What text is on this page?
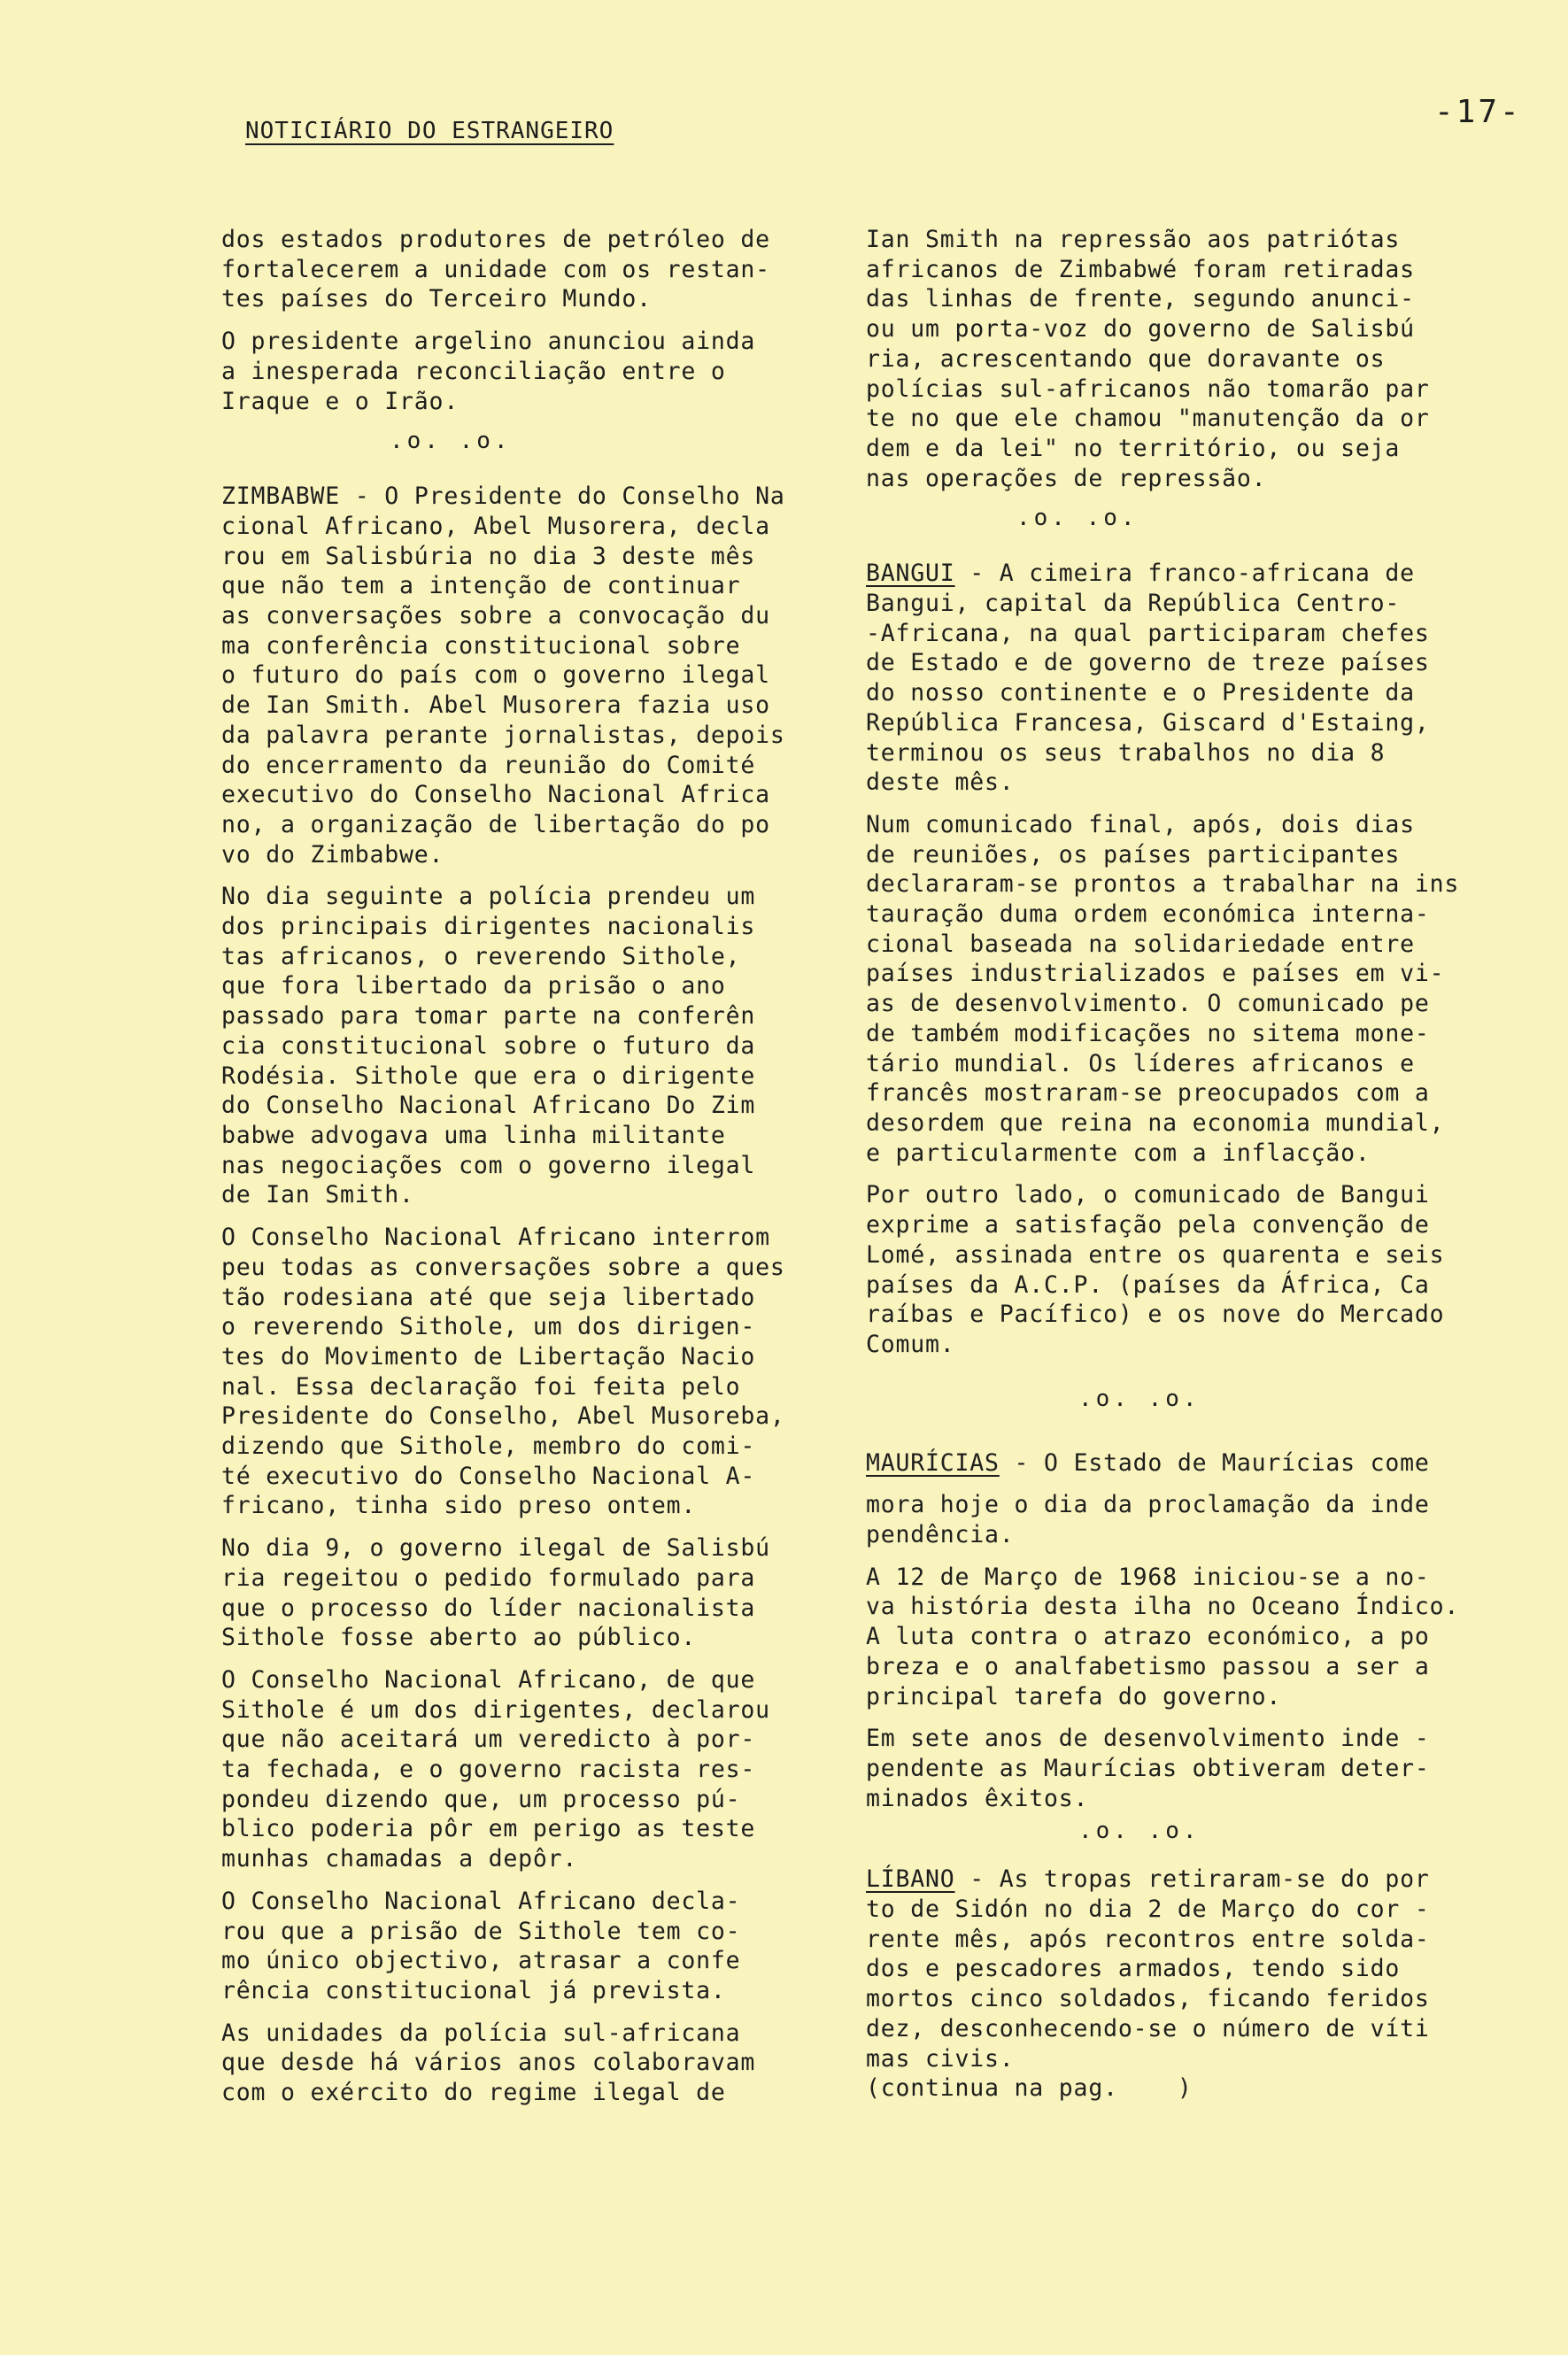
NOTICIÁRIO DO ESTRANGEIRO
-17-
dos estados produtores de petróleo de
fortalecerem a unidade com os restan-
tes países do Terceiro Mundo.
O presidente argelino anunciou ainda
a inesperada reconciliação entre o
Iraque e o Irão.
.o. .o.
ZIMBABWE - O Presidente do Conselho Na
cional Africano, Abel Musorera, decla
rou em Salisbúria no dia 3 deste mês
que não tem a intenção de continuar
as conversações sobre a convocação du
ma conferência constitucional sobre
o futuro do país com o governo ilegal
de Ian Smith. Abel Musorera fazia uso
da palavra perante jornalistas, depois
do encerramento da reunião do Comité
executivo do Conselho Nacional Africa
no, a organização de libertação do po
vo do Zimbabwe.
No dia seguinte a polícia prendeu um
dos principais dirigentes nacionalis
tas africanos, o reverendo Sithole,
que fora libertado da prisão o ano
passado para tomar parte na conferên
cia constitucional sobre o futuro da
Rodésia. Sithole que era o dirigente
do Conselho Nacional Africano Do Zim
babwe advogava uma linha militante
nas negociações com o governo ilegal
de Ian Smith.
O Conselho Nacional Africano interrom
peu todas as conversações sobre a ques
tão rodesiana até que seja libertado
o reverendo Sithole, um dos dirigen-
tes do Movimento de Libertação Nacio
nal. Essa declaração foi feita pelo
Presidente do Conselho, Abel Musoreba,
dizendo que Sithole, membro do comi-
té executivo do Conselho Nacional A-
fricano, tinha sido preso ontem.
No dia 9, o governo ilegal de Salisbú
ria regeitou o pedido formulado para
que o processo do líder nacionalista
Sithole fosse aberto ao público.
O Conselho Nacional Africano, de que
Sithole é um dos dirigentes, declarou
que não aceitará um veredicto à por-
ta fechada, e o governo racista res-
pondeu dizendo que, um processo pú-
blico poderia pôr em perigo as teste
munhas chamadas a depôr.
O Conselho Nacional Africano decla-
rou que a prisão de Sithole tem co-
mo único objectivo, atrasar a confe
rência constitucional já prevista.
As unidades da polícia sul-africana
que desde há vários anos colaboravam
com o exército do regime ilegal de
Ian Smith na repressão aos patriótas
africanos de Zimbabwé foram retiradas
das linhas de frente, segundo anunci-
ou um porta-voz do governo de Salisbú
ria, acrescentando que doravante os
polícias sul-africanos não tomarão par
te no que ele chamou "manutenção da or
dem e da lei" no território, ou seja
nas operações de repressão.
.o. .o.
BANGUI - A cimeira franco-africana de
Bangui, capital da República Centro-
-Africana, na qual participaram chefes
de Estado e de governo de treze países
do nosso continente e o Presidente da
República Francesa, Giscard d'Estaing,
terminou os seus trabalhos no dia 8
deste mês.
Num comunicado final, após, dois dias
de reuniões, os países participantes
declararam-se prontos a trabalhar na ins
tauração duma ordem económica interna-
cional baseada na solidariedade entre
países industrializados e países em vi-
as de desenvolvimento. O comunicado pe
de também modificações no sitema mone-
tário mundial. Os líderes africanos e
francês mostraram-se preocupados com a
desordem que reina na economia mundial,
e particularmente com a inflacção.
Por outro lado, o comunicado de Bangui
exprime a satisfação pela convenção de
Lomé, assinada entre os quarenta e seis
países da A.C.P. (países da África, Ca
raíbas e Pacífico) e os nove do Mercado
Comum.
.o. .o.
MAURÍCIAS - O Estado de Maurícias come
mora hoje o dia da proclamação da inde
pendência.
A 12 de Março de 1968 iniciou-se a no-
va história desta ilha no Oceano Índico.
A luta contra o atrazo económico, a po
breza e o analfabetismo passou a ser a
principal tarefa do governo.
Em sete anos de desenvolvimento inde -
pendente as Maurícias obtiveram deter-
minados êxitos.
.o. .o.
LÍBANO - As tropas retiraram-se do por
to de Sidón no dia 2 de Março do cor -
rente mês, após recontros entre solda-
dos e pescadores armados, tendo sido
mortos cinco soldados, ficando feridos
dez, desconhecendo-se o número de víti
mas civis.
(continua na pag.    )
